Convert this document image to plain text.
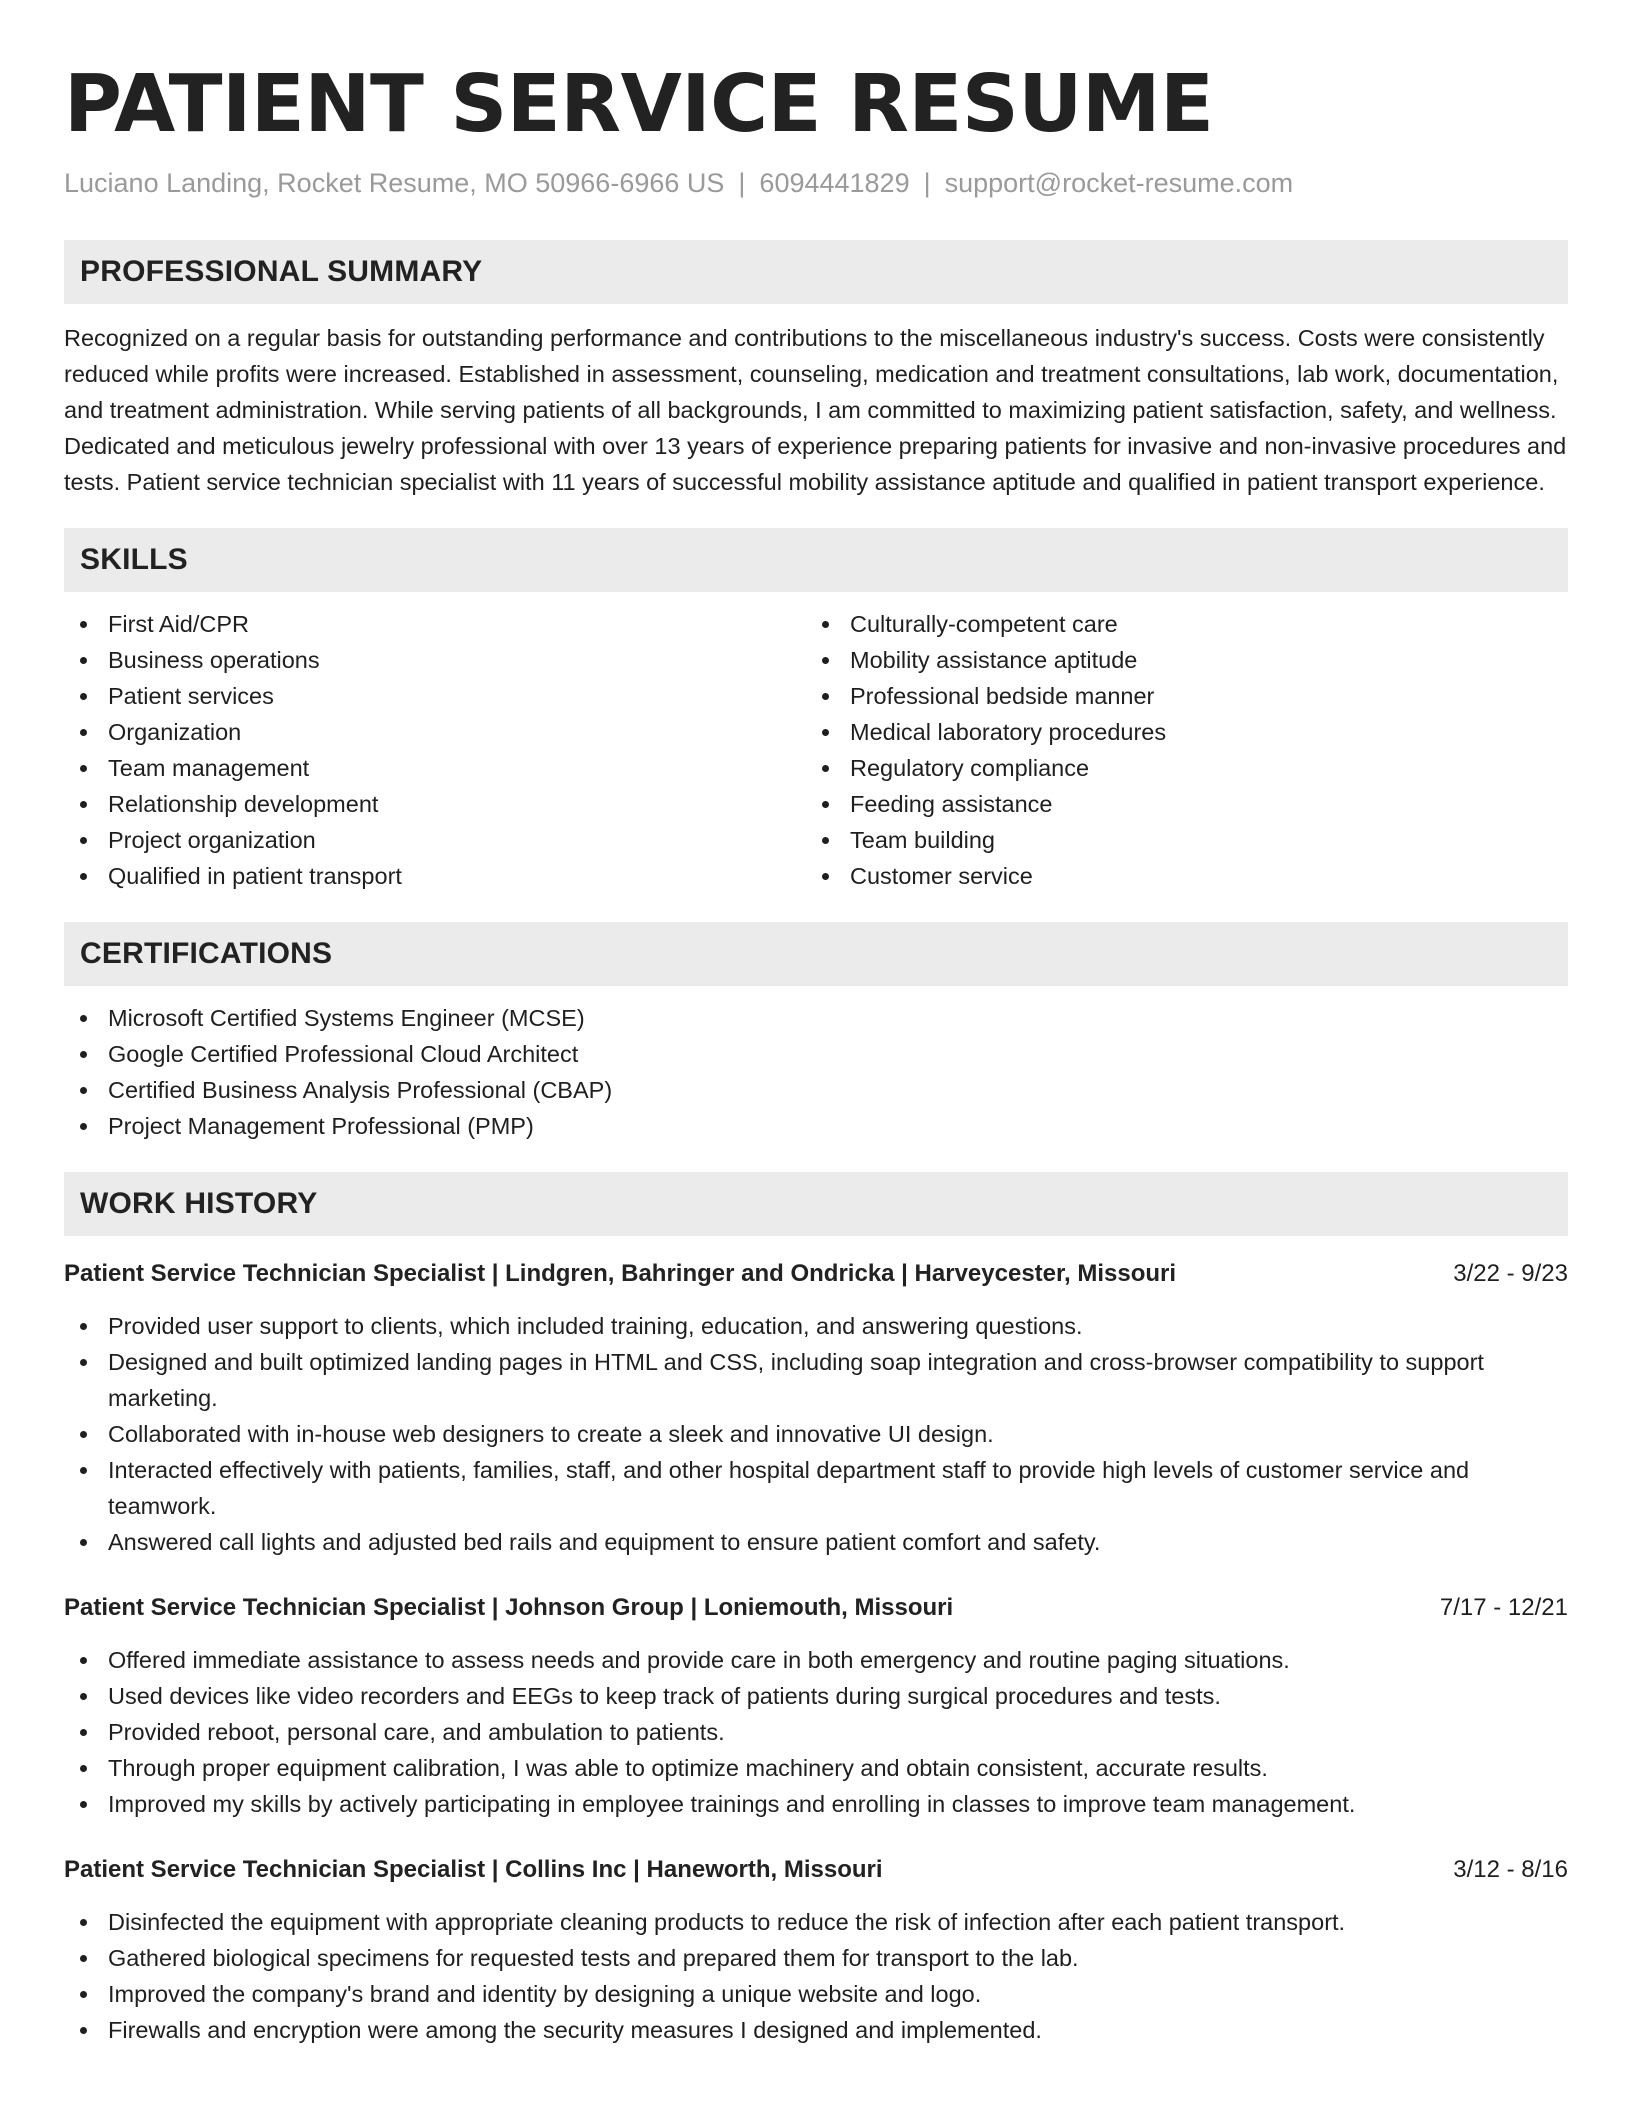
PATIENT SERVICE RESUME
Luciano Landing, Rocket Resume, MO 50966-6966 US | 6094441829 | support@rocket-resume.com
PROFESSIONAL SUMMARY

Recognized on a regular basis for outstanding performance and contributions to the miscellaneous industry's success. Costs were consistently reduced while profits were increased. Established in assessment, counseling, medication and treatment consultations, lab work, documentation, and treatment administration. While serving patients of all backgrounds, I am committed to maximizing patient satisfaction, safety, and wellness. Dedicated and meticulous jewelry professional with over 13 years of experience preparing patients for invasive and non-invasive procedures and tests. Patient service technician specialist with 11 years of successful mobility assistance aptitude and qualified in patient transport experience.

SKILLS
First Aid/CPR
Business operations
Patient services
Organization
Team management
Relationship development
Project organization
Qualified in patient transport
Culturally-competent care
Mobility assistance aptitude
Professional bedside manner
Medical laboratory procedures
Regulatory compliance
Feeding assistance
Team building
Customer service
CERTIFICATIONS
Microsoft Certified Systems Engineer (MCSE)
Google Certified Professional Cloud Architect
Certified Business Analysis Professional (CBAP)
Project Management Professional (PMP)
WORK HISTORY
Patient Service Technician Specialist | Lindgren, Bahringer and Ondricka | Harveycester, Missouri	3/22 - 9/23
Provided user support to clients, which included training, education, and answering questions.
Designed and built optimized landing pages in HTML and CSS, including soap integration and cross-browser compatibility to support marketing.
Collaborated with in-house web designers to create a sleek and innovative UI design.
Interacted effectively with patients, families, staff, and other hospital department staff to provide high levels of customer service and teamwork.
Answered call lights and adjusted bed rails and equipment to ensure patient comfort and safety.
Patient Service Technician Specialist | Johnson Group | Loniemouth, Missouri	7/17 - 12/21
Offered immediate assistance to assess needs and provide care in both emergency and routine paging situations.
Used devices like video recorders and EEGs to keep track of patients during surgical procedures and tests.
Provided reboot, personal care, and ambulation to patients.
Through proper equipment calibration, I was able to optimize machinery and obtain consistent, accurate results.
Improved my skills by actively participating in employee trainings and enrolling in classes to improve team management.
Patient Service Technician Specialist | Collins Inc | Haneworth, Missouri	3/12 - 8/16
Disinfected the equipment with appropriate cleaning products to reduce the risk of infection after each patient transport.
Gathered biological specimens for requested tests and prepared them for transport to the lab.
Improved the company's brand and identity by designing a unique website and logo.
Firewalls and encryption were among the security measures I designed and implemented.
